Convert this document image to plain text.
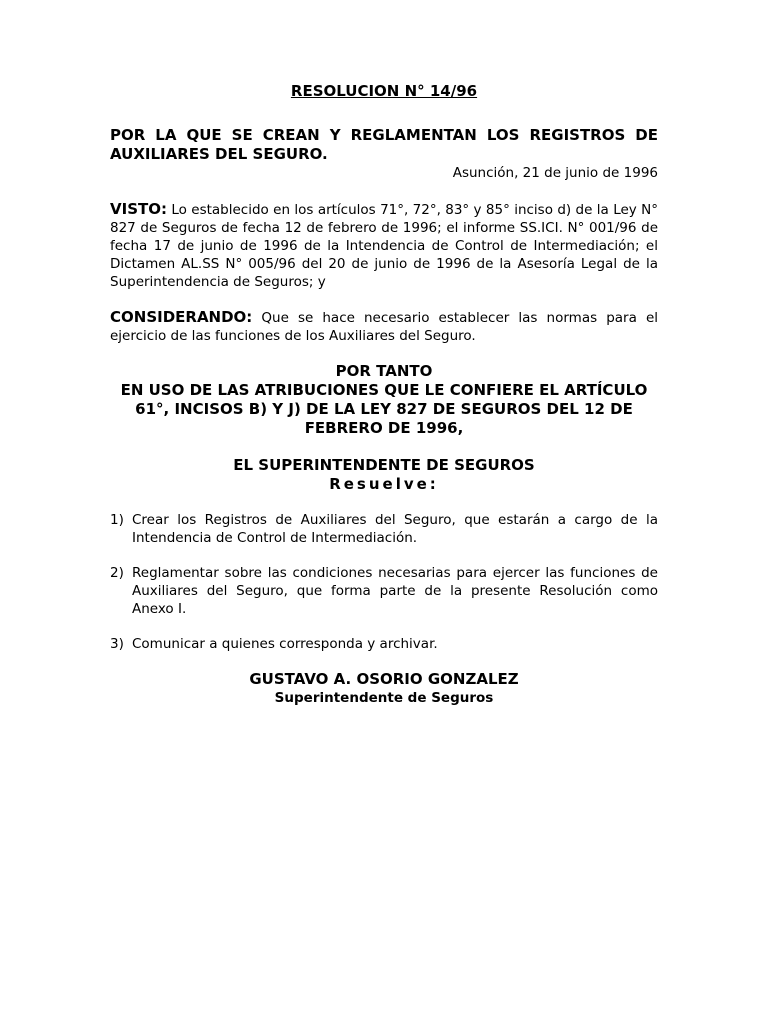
RESOLUCION N° 14/96

POR LA QUE SE CREAN Y REGLAMENTAN LOS REGISTROS DE AUXILIARES DEL SEGURO.

Asunción, 21 de junio de 1996

VISTO: Lo establecido en los artículos 71°, 72°, 83° y 85° inciso d) de la Ley N° 827 de Seguros de fecha 12 de febrero de 1996; el informe SS.ICI. N° 001/96 de fecha 17 de junio de 1996 de la Intendencia de Control de Intermediación; el Dictamen AL.SS N° 005/96 del 20 de junio de 1996 de la Asesoría Legal de la Superintendencia de Seguros; y

CONSIDERANDO: Que se hace necesario establecer las normas para el ejercicio de las funciones de los Auxiliares del Seguro.

POR TANTO

EN USO DE LAS ATRIBUCIONES QUE LE CONFIERE EL ARTÍCULO 61°, INCISOS B) Y J) DE LA LEY 827 DE SEGUROS DEL 12 DE FEBRERO DE 1996,

EL SUPERINTENDENTE DE SEGUROS

Resuelve:

1) Crear los Registros de Auxiliares del Seguro, que estarán a cargo de la Intendencia de Control de Intermediación.
2) Reglamentar sobre las condiciones necesarias para ejercer las funciones de Auxiliares del Seguro, que forma parte de la presente Resolución como Anexo I.
3) Comunicar a quienes corresponda y archivar.

GUSTAVO A. OSORIO GONZALEZ

Superintendente de Seguros
